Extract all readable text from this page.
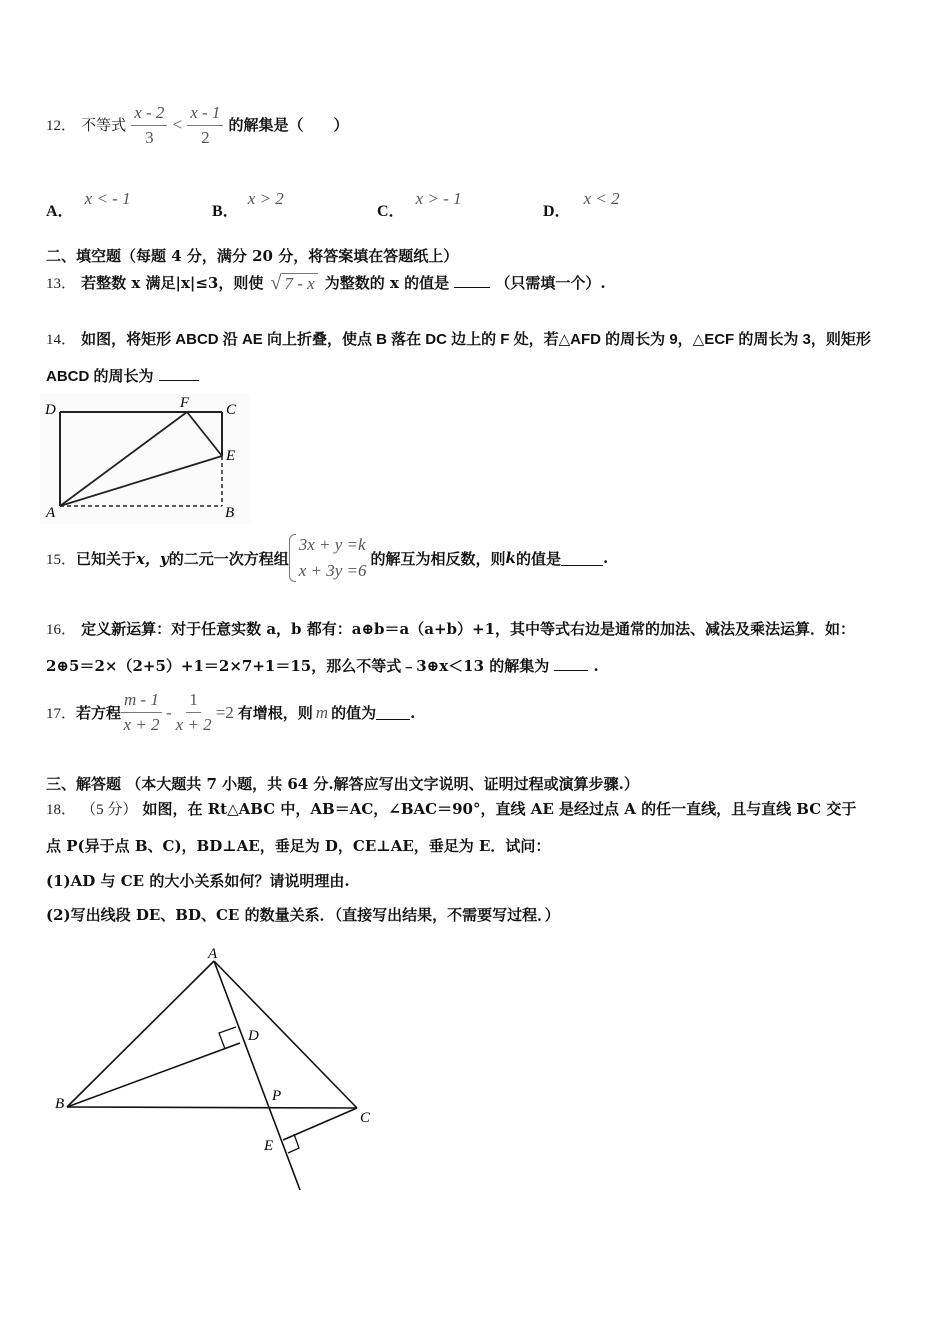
12． 不等式 $\frac{x - 2}{3} < \frac{x - 1}{2}$ 的解集是（　　）
A． x < - 1
B． x > 2
C． x > - 1
D． x < 2
二、填空题（每题 4 分，满分 20 分，将答案填在答题纸上）
13． 若整数 x 满足|x|≤3，则使 √ 7 - x 为整数的 x 的值是	（只需填一个）.
14． 如图，将矩形 ABCD 沿 AE 向上折叠，使点 B 落在 DC 边上的 F 处，若△AFD 的周长为 9，△ECF 的周长为 3，则矩形
ABCD 的周长为
D	F C
E
A	B
15． 已知关于 x，y 的二元一次方程组
3x + y =k
x + 3y =6
的解互为相反数，则 k 的值是	.
16． 定义新运算：对于任意实数 a，b 都有：a⊕b＝a（a+b）+1，其中等式右边是通常的加法、减法及乘法运算．如：
2⊕5＝2×（2+5）+1＝2×7+1＝15，那么不等式﹣3⊕x＜13 的解集为	.
17． 若方程 $\frac{m - 1}{x + 2} - \frac{1}{x + 2} =2$ 有增根，则 m 的值为 .
三、解答题 （本大题共 7 小题，共 64 分.解答应写出文字说明、证明过程或演算步骤.）
18． （5 分） 如图，在 Rt△ABC 中，AB＝AC，∠BAC＝90°，直线 AE 是经过点 A 的任一直线，且与直线 BC 交于
点 P(异于点 B、C)，BD⊥AE，垂足为 D，CE⊥AE，垂足为 E．试问：
(1)AD 与 CE 的大小关系如何？请说明理由.
(2)写出线段 DE、BD、CE 的数量关系．（直接写出结果，不需要写过程．）
A
D
B	P
C
E
